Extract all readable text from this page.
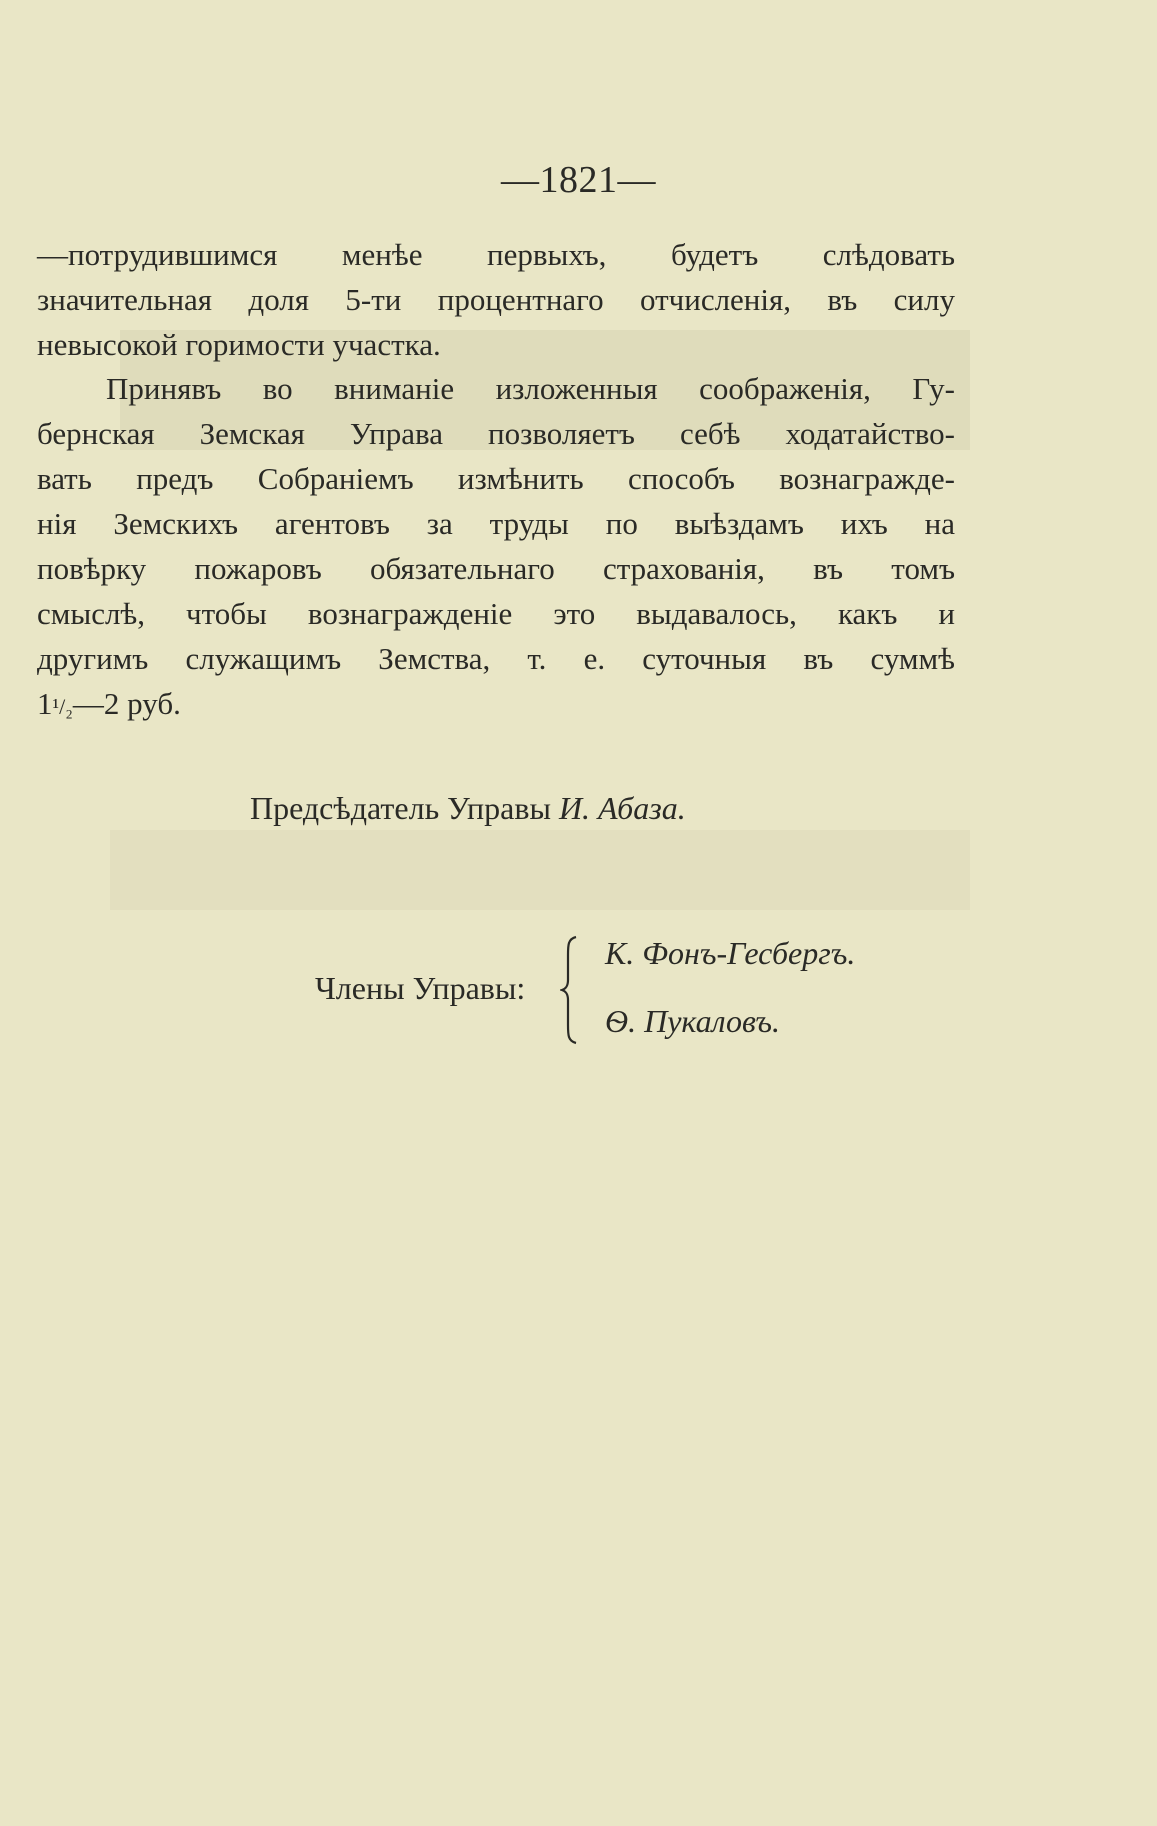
—1821—
—потрудившимся менѣе первыхъ, будетъ слѣдовать
значительная доля 5-ти процентнаго отчисленія, въ силу
невысокой горимости участка.
Принявъ во вниманіе изложенныя соображенія, Гу-
бернская Земская Управа позволяетъ себѣ ходатайство-
вать предъ Собраніемъ измѣнить способъ вознагражде-
нія Земскихъ агентовъ за труды по выѣздамъ ихъ на
повѣрку пожаровъ обязательнаго страхованія, въ томъ
смыслѣ, чтобы вознагражденіе это выдавалось, какъ и
другимъ служащимъ Земства, т. е. суточныя въ суммѣ
1¹/₂—2 руб.
Предсѣдатель Управы И. Абаза.
Члены Управы:
К. Фонъ-Гесбергъ.
Ѳ. Пукаловъ.
